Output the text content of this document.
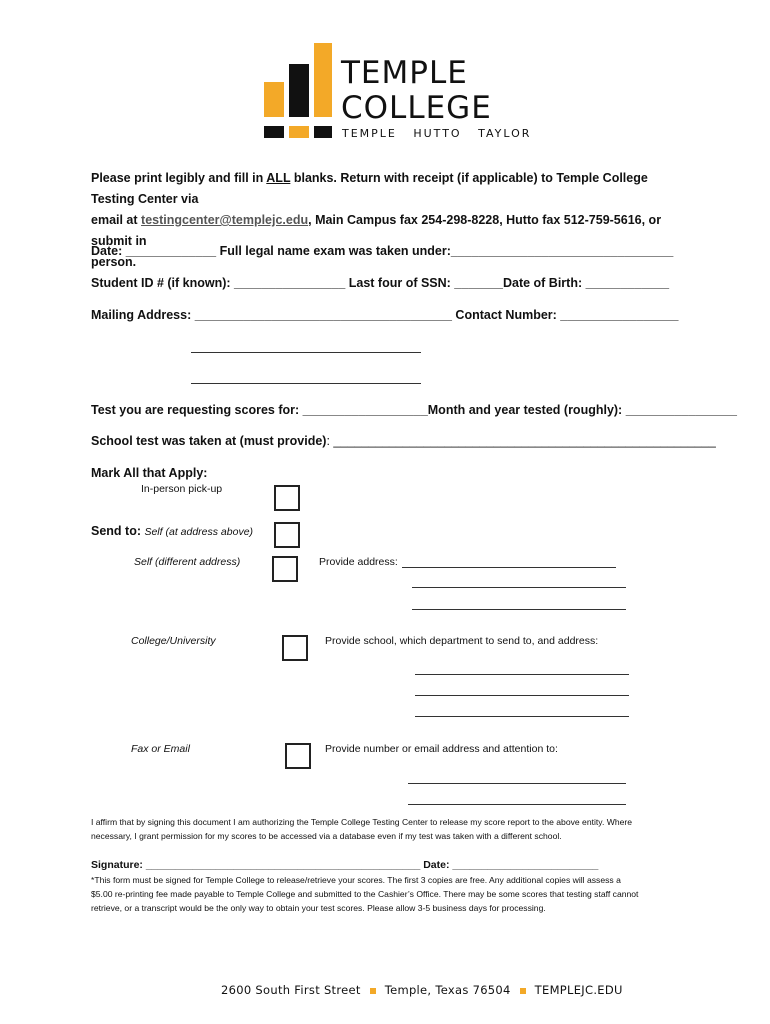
TEMPLE
COLLEGE
TEMPLE   HUTTO   TAYLOR
Please print legibly and fill in ALL blanks. Return with receipt (if applicable) to Temple College Testing Center via
email at testingcenter@templejc.edu, Main Campus fax 254-298-8228, Hutto fax 512-759-5616, or submit in
person.
Date: _____________ Full legal name exam was taken under:________________________________
Student ID # (if known): ________________ Last four of SSN: _______Date of Birth: ____________
Mailing Address: _____________________________________ Contact Number: _________________
Test you are requesting scores for: __________________Month and year tested (roughly): ________________
School test was taken at (must provide): _______________________________________________________
Mark All that Apply:
In-person pick-up
Send to: Self (at address above)
Self (different address)	Provide address:
College/University	Provide school, which department to send to, and address:
Fax or Email	Provide number or email address and attention to:
I affirm that by signing this document I am authorizing the Temple College Testing Center to release my score report to the above entity. Where
necessary, I grant permission for my scores to be accessed via a database even if my test was taken with a different school.
Signature: _______________________________________________ Date: _________________________
*This form must be signed for Temple College to release/retrieve your scores. The first 3 copies are free. Any additional copies will assess a
$5.00 re-printing fee made payable to Temple College and submitted to the Cashier’s Office. There may be some scores that testing staff cannot
retrieve, or a transcript would be the only way to obtain your test scores. Please allow 3-5 business days for processing.
2600 South First Street Temple, Texas 76504 TEMPLEJC.EDU
